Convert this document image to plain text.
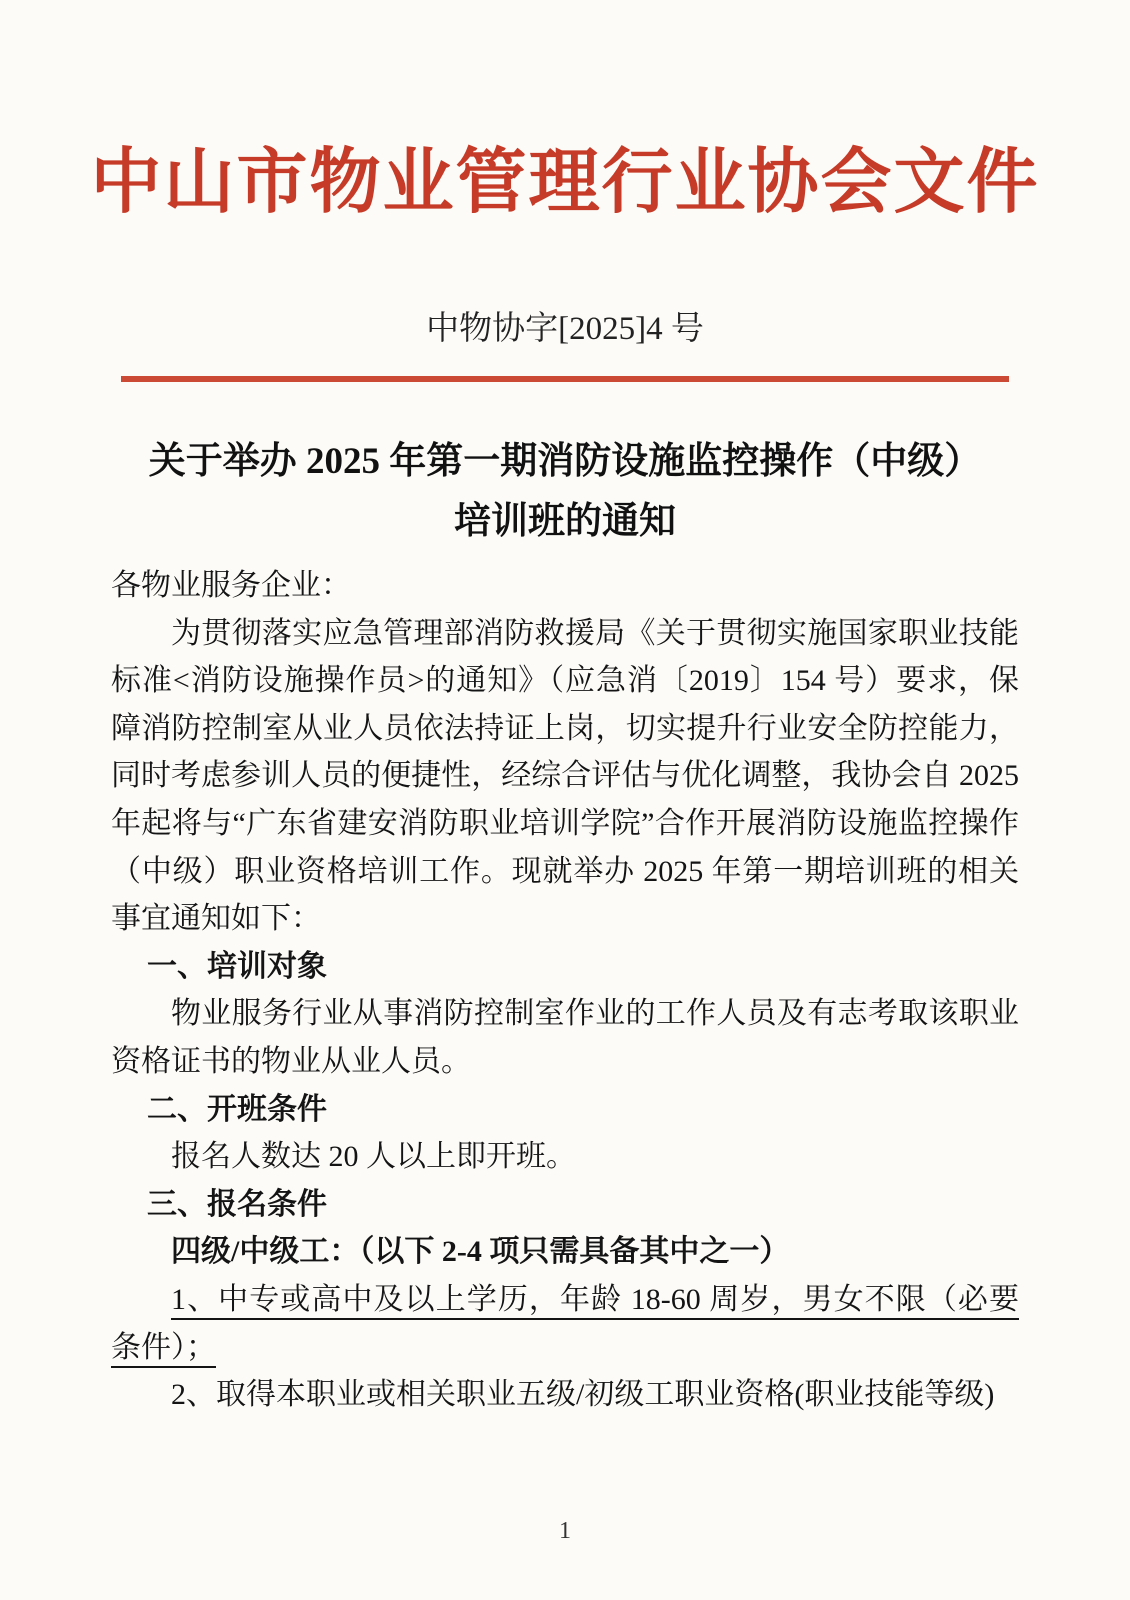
中山市物业管理行业协会文件
中物协字[2025]4 号
关于举办 2025 年第一期消防设施监控操作（中级）
培训班的通知

各物业服务企业：

为贯彻落实应急管理部消防救援局《关于贯彻实施国家职业技能标准<消防设施操作员>的通知》（应急消〔2019〕154 号）要求，保障消防控制室从业人员依法持证上岗，切实提升行业安全防控能力，同时考虑参训人员的便捷性，经综合评估与优化调整，我协会自 2025 年起将与“广东省建安消防职业培训学院”合作开展消防设施监控操作（中级）职业资格培训工作。现就举办 2025 年第一期培训班的相关事宜通知如下：

一、培训对象

物业服务行业从事消防控制室作业的工作人员及有志考取该职业资格证书的物业从业人员。

二、开班条件

报名人数达 20 人以上即开班。

三、报名条件

四级/中级工：（以下 2-4 项只需具备其中之一）

1、中专或高中及以上学历，年龄 18-60 周岁，男女不限（必要条件）；

2、取得本职业或相关职业五级/初级工职业资格(职业技能等级)

1
